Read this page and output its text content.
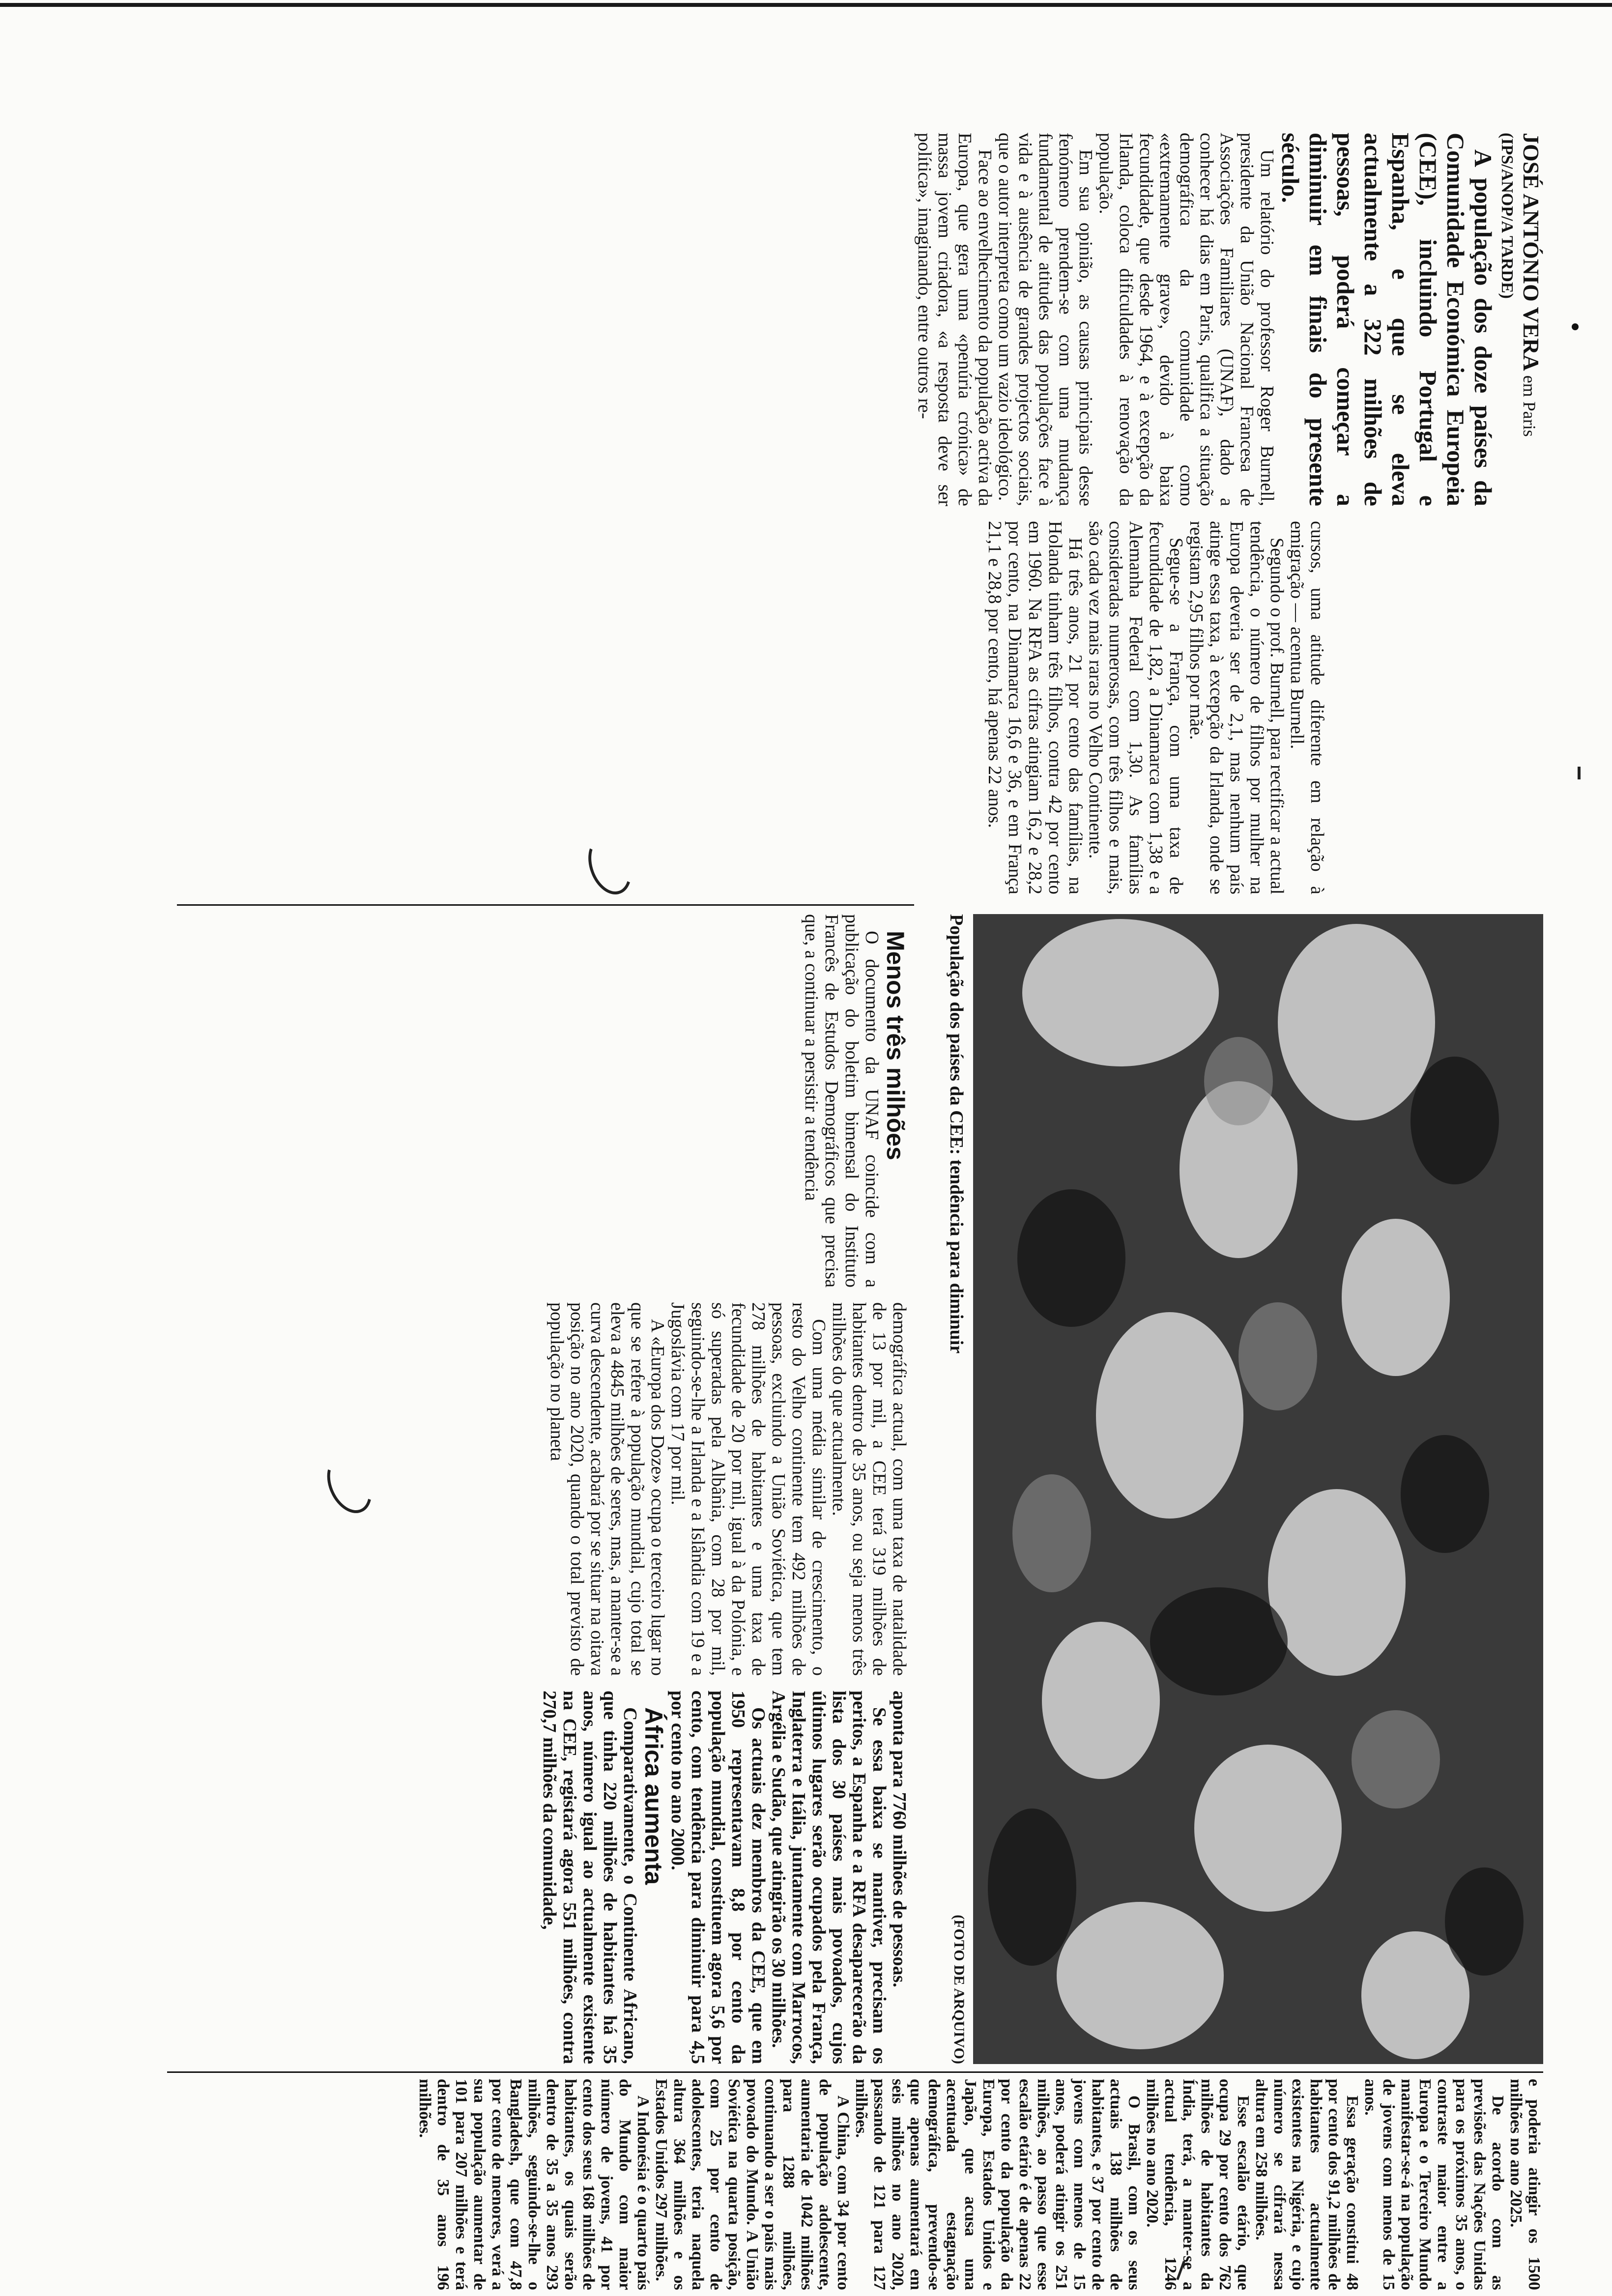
JOSÉ ANTÓNIO VERA em Paris

(IPS/ANOP/A TARDE)

A população dos doze países da Comunidade Económica Europeia (CEE), incluindo Portugal e Espanha, e que se eleva actualmente a 322 milhões de pessoas, poderá começar a diminuir em finais do presente século.

Um relatório do professor Roger Burnell, presidente da União Nacional Francesa de Associações Familiares (UNAF), dado a conhecer há dias em Paris, qualifica a situação demográfica da comunidade como «extremamente grave», devido à baixa fecundidade, que desde 1964, e à excepção da Irlanda, coloca dificuldades à renovação da população.

Em sua opinião, as causas principais desse fenómeno prendem-se com uma mudança fundamental de atitudes das populações face à vida e à ausência de grandes projectos sociais, que o autor interpreta como um vazio ideológico.

Face ao envelhecimento da população activa da Europa, que gera uma «penúria crónica» de massa jovem criadora, «a resposta deve ser política», imaginando, entre outros re-

cursos, uma atitude diferente em relação à emigração — acentua Burnell.

Segundo o prof. Burnell, para rectificar a actual tendência, o número de filhos por mulher na Europa deveria ser de 2,1, mas nenhum país atinge essa taxa, à excepção da Irlanda, onde se registam 2,95 filhos por mãe.

Segue-se a França, com uma taxa de fecundidade de 1,82, a Dinamarca com 1,38 e a Alemanha Federal com 1,30. As famílias consideradas numerosas, com três filhos e mais, são cada vez mais raras no Velho Continente.

Há três anos, 21 por cento das famílias, na Holanda tinham três filhos, contra 42 por cento em 1960. Na RFA as cifras atingiam 16,2 e 28,2 por cento, na Dinamarca 16,6 e 36, e em França 21,1 e 28,8 por cento, há apenas 22 anos.

População dos países da CEE: tendência para diminuir
(FOTO DE ARQUIVO)

Menos três milhões

O documento da UNAF coincide com a publicação do boletim bimensal do Instituto Francês de Estudos Demográficos que precisa que, a continuar a persistir a tendência

demográfica actual, com uma taxa de natalidade de 13 por mil, a CEE terá 319 milhões de habitantes dentro de 35 anos, ou seja menos três milhões do que actualmente.

Com uma média similar de crescimento, o resto do Velho continente tem 492 milhões de pessoas, excluindo a União Soviética, que tem 278 milhões de habitantes e uma taxa de fecundidade de 20 por mil, igual à da Polónia, e só superadas pela Albânia, com 28 por mil, seguindo-se-lhe a Irlanda e a Islândia com 19 e a Jugoslávia com 17 por mil.

A «Europa dos Doze» ocupa o terceiro lugar no que se refere à população mundial, cujo total se eleva a 4845 milhões de seres, mas, a manter-se a curva descendente, acabará por se situar na oitava posição no ano 2020, quando o total previsto de população no planeta

aponta para 7760 milhões de pessoas.

Se essa baixa se mantiver, precisam os peritos, a Espanha e a RFA desaparecerão da lista dos 30 países mais povoados, cujos últimos lugares serão ocupados pela França, Inglaterra e Itália, juntamente com Marrocos, Argélia e Sudão, que atingirão os 30 milhões.

Os actuais dez membros da CEE, que em 1950 representavam 8,8 por cento da população mundial, constituem agora 5,6 por cento, com tendência para diminuir para 4,5 por cento no ano 2000.

África aumenta

Comparativamente, o Continente Africano, que tinha 220 milhões de habitantes há 35 anos, número igual ao actualmente existente na CEE, registará agora 551 milhões, contra 270,7 milhões da comunidade,

e poderia atingir os 1500 milhões no ano 2025.

De acordo com as previsões das Nações Unidas para os próximos 35 anos, o contraste maior entre a Europa e o Terceiro Mundo manifestar-se-á na população de jovens com menos de 15 anos.

Essa geração constitui 48 por cento dos 91,2 milhões de habitantes actualmente existentes na Nigéria, e cujo número se cifrará nessa altura em 258 milhões.

Esse escalão etário, que ocupa 29 por cento dos 762 milhões de habitantes da Índia, terá, a manter-se a actual tendência, 1246 milhões no ano 2020.

O Brasil, com os seus actuais 138 milhões de habitantes, e 37 por cento de jovens com menos de 15 anos, poderá atingir os 251 milhões, ao passo que esse escalão etário é de apenas 22 por cento da população da Europa, Estados Unidos e Japão, que acusa uma acentuada estagnação demográfica, prevendo-se que apenas aumentará em seis milhões no ano 2020, passando de 121 para 127 milhões.

A China, com 34 por cento de população adolescente, aumentaria de 1042 milhões para 1288 milhões, continuando a ser o país mais povoado do Mundo. A União Soviética na quarta posição, com 25 por cento de adolescentes, teria naquela altura 364 milhões e os Estados Unidos 297 milhões.

A Indonésia é o quarto país do Mundo com maior número de jovens, 41 por cento dos seus 168 milhões de habitantes, os quais serão dentro de 35 a 35 anos 293 milhões, seguindo-se-lhe o Bangladesh, que com 47,8 por cento de menores, verá a sua população aumentar de 101 para 207 milhões e terá dentro de 35 anos 196 milhões.
